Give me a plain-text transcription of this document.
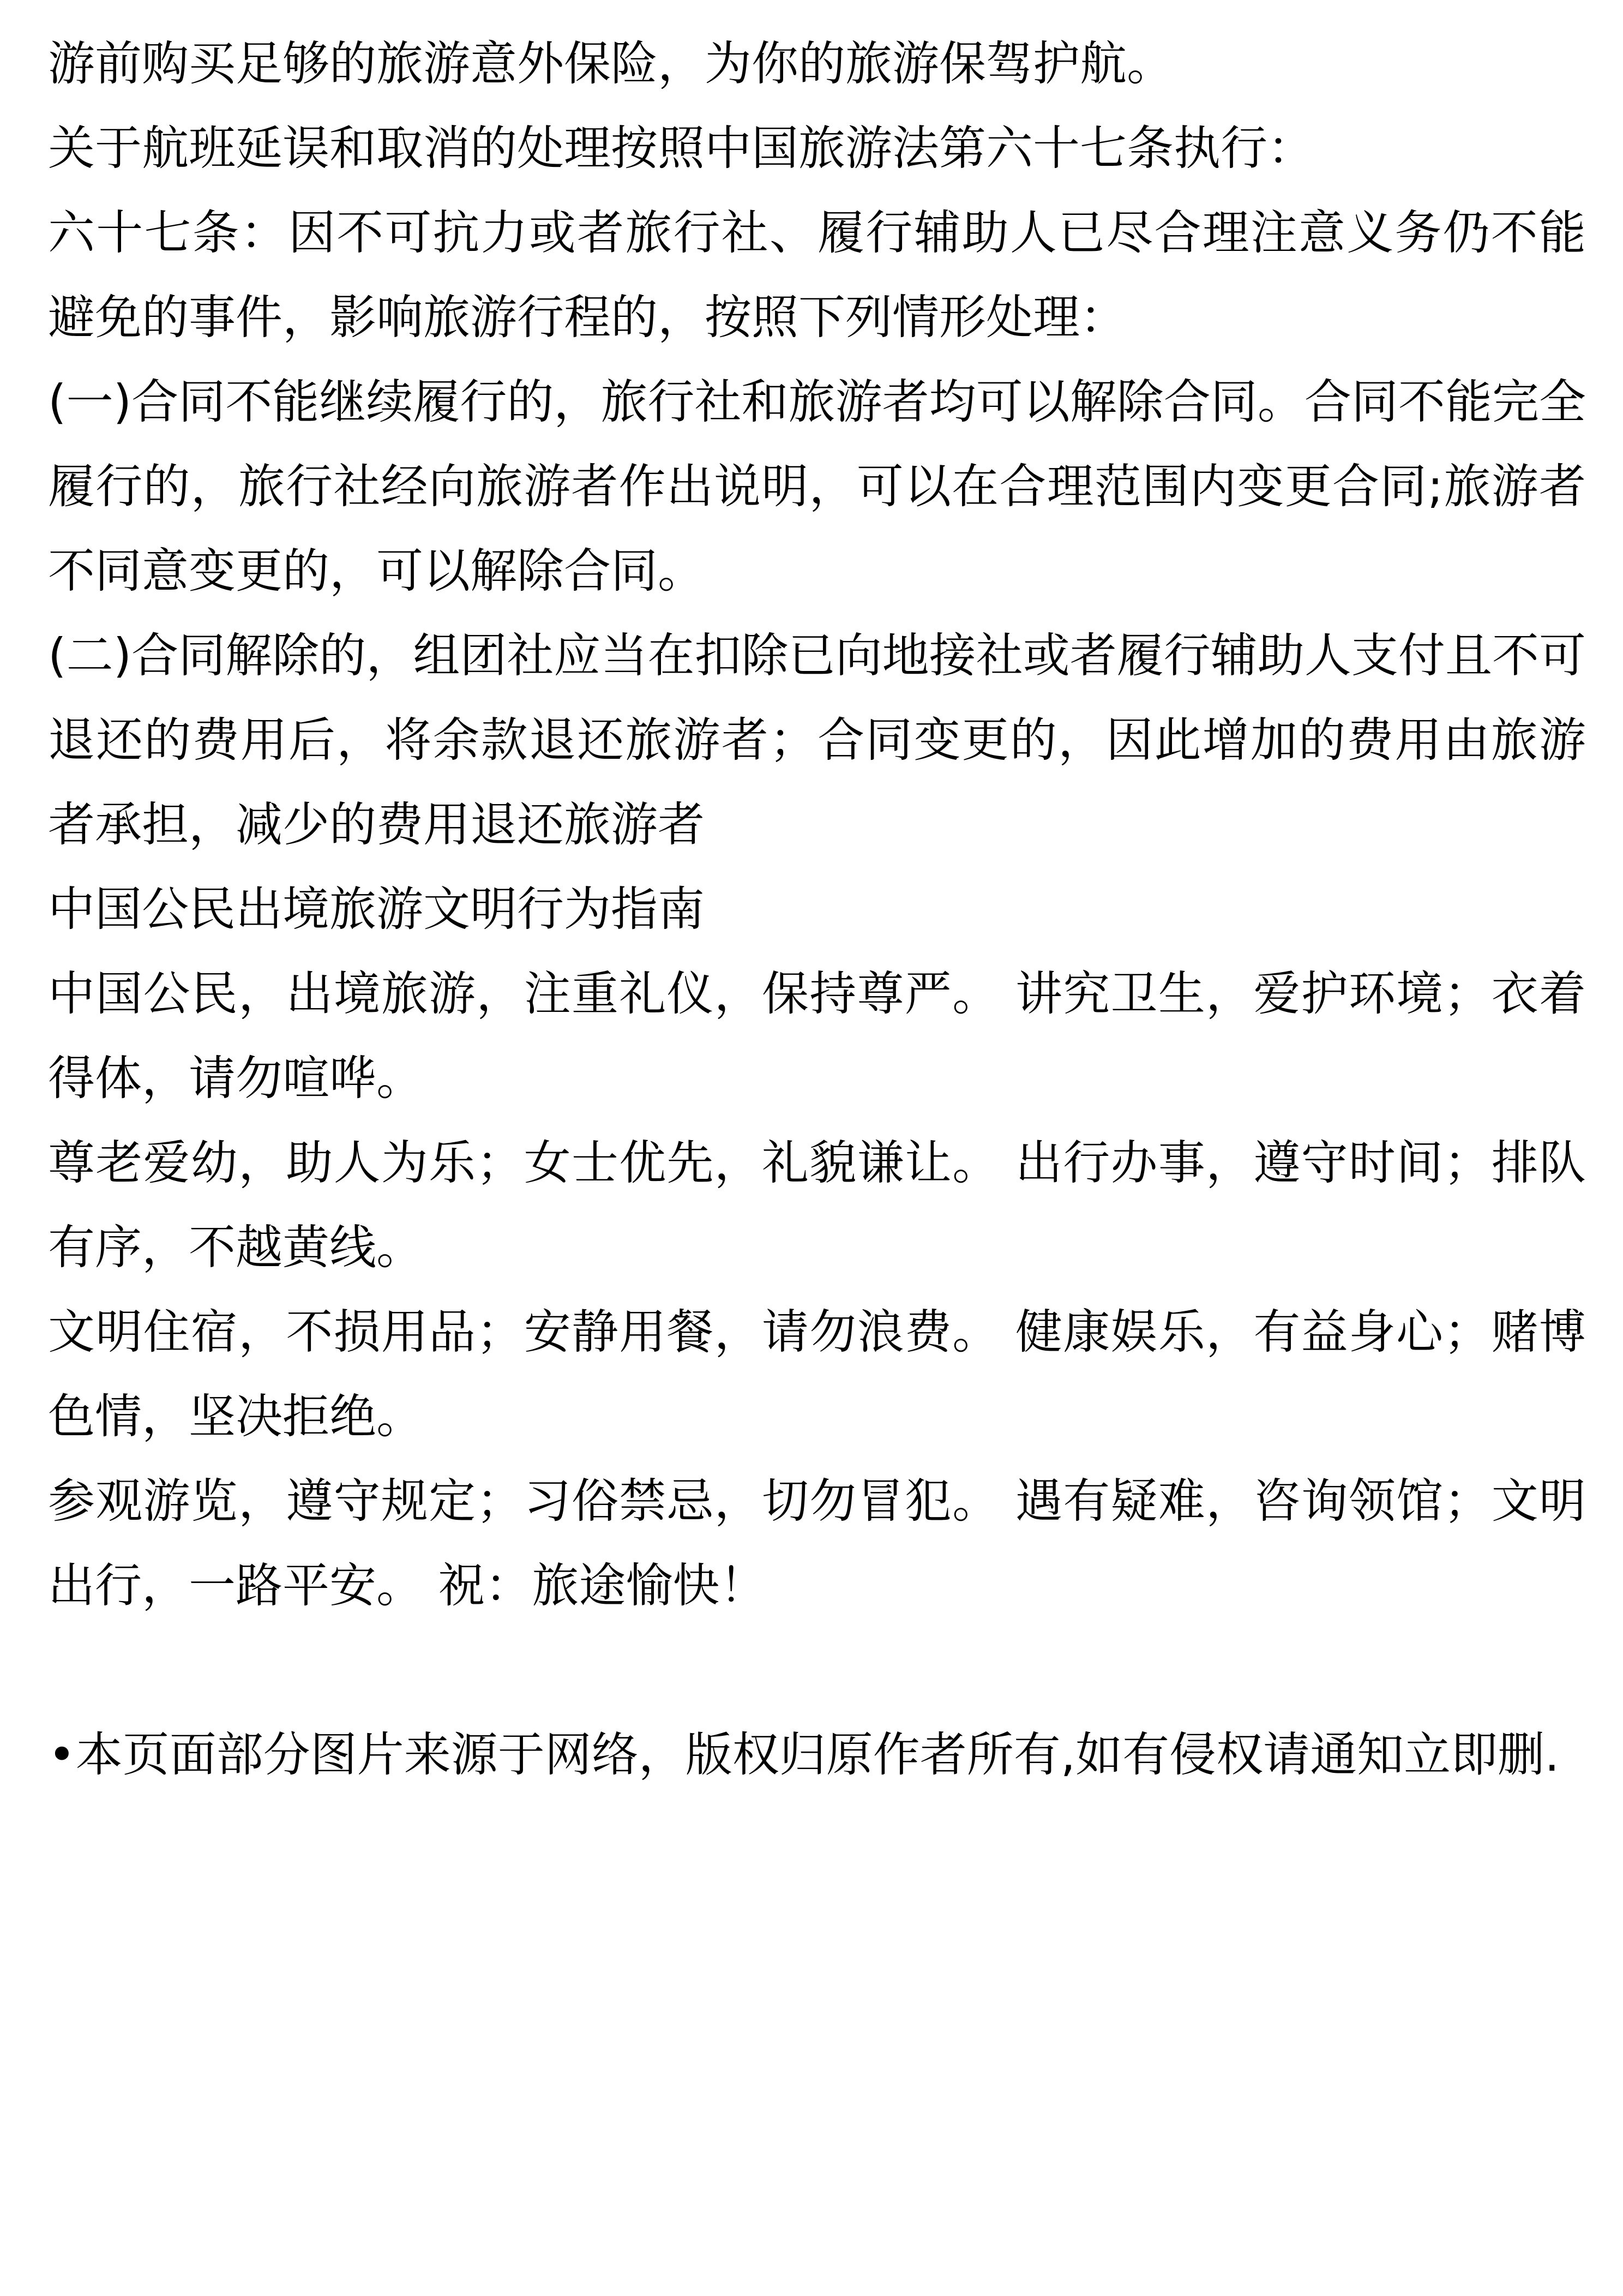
游前购买足够的旅游意外保险，为你的旅游保驾护航。

关于航班延误和取消的处理按照中国旅游法第六十七条执行：

六十七条：因不可抗力或者旅行社、履行辅助人已尽合理注意义务仍不能避免的事件，影响旅游行程的，按照下列情形处理：

(一)合同不能继续履行的，旅行社和旅游者均可以解除合同。合同不能完全履行的，旅行社经向旅游者作出说明，可以在合理范围内变更合同;旅游者不同意变更的，可以解除合同。

(二)合同解除的，组团社应当在扣除已向地接社或者履行辅助人支付且不可退还的费用后，将余款退还旅游者；合同变更的，因此增加的费用由旅游者承担，减少的费用退还旅游者

中国公民出境旅游文明行为指南

中国公民，出境旅游，注重礼仪，保持尊严。 讲究卫生，爱护环境；衣着得体，请勿喧哗。

尊老爱幼，助人为乐；女士优先，礼貌谦让。 出行办事，遵守时间；排队有序，不越黄线。

文明住宿，不损用品；安静用餐，请勿浪费。 健康娱乐，有益身心；赌博色情，坚决拒绝。

参观游览，遵守规定；习俗禁忌，切勿冒犯。 遇有疑难，咨询领馆；文明出行，一路平安。 祝：旅途愉快！

•本页面部分图片来源于网络，版权归原作者所有,如有侵权请通知立即删.
